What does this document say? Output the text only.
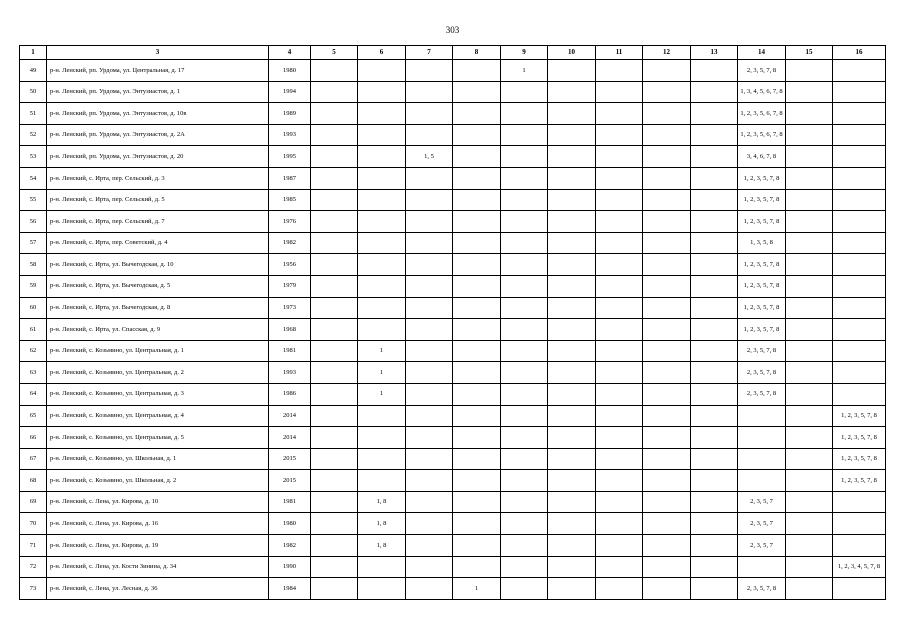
303
1	3	4	5	6	7	8	9	10	11	12	13	14	15	16
49	р-н. Ленский, рп. Урдома, ул. Центральная, д. 17	1980					1					2, 3, 5, 7, 8		
50	р-н. Ленский, рп. Урдома, ул. Энтузиастов, д. 1	1994										1, 3, 4, 5, 6, 7, 8		
51	р-н. Ленский, рп. Урдома, ул. Энтузиастов, д. 10в	1989										1, 2, 3, 5, 6, 7, 8		
52	р-н. Ленский, рп. Урдома, ул. Энтузиастов, д. 2А	1993										1, 2, 3, 5, 6, 7, 8		
53	р-н. Ленский, рп. Урдома, ул. Энтузиастов, д. 20	1995			1, 5							3, 4, 6, 7, 8		
54	р-н. Ленский, с. Ирта, пер. Сельский, д. 3	1987										1, 2, 3, 5, 7, 8		
55	р-н. Ленский, с. Ирта, пер. Сельский, д. 5	1985										1, 2, 3, 5, 7, 8		
56	р-н. Ленский, с. Ирта, пер. Сельский, д. 7	1976										1, 2, 3, 5, 7, 8		
57	р-н. Ленский, с. Ирта, пер. Советский, д. 4	1982										1, 3, 5, 8		
58	р-н. Ленский, с. Ирта, ул. Вычегодская, д. 10	1956										1, 2, 3, 5, 7, 8		
59	р-н. Ленский, с. Ирта, ул. Вычегодская, д. 5	1979										1, 2, 3, 5, 7, 8		
60	р-н. Ленский, с. Ирта, ул. Вычегодская, д. 8	1973										1, 2, 3, 5, 7, 8		
61	р-н. Ленский, с. Ирта, ул. Спасская, д. 9	1968										1, 2, 3, 5, 7, 8		
62	р-н. Ленский, с. Козьмино, ул. Центральная, д. 1	1981		1								2, 3, 5, 7, 8		
63	р-н. Ленский, с. Козьмино, ул. Центральная, д. 2	1993		1								2, 3, 5, 7, 8		
64	р-н. Ленский, с. Козьмино, ул. Центральная, д. 3	1986		1								2, 3, 5, 7, 8		
65	р-н. Ленский, с. Козьмино, ул. Центральная, д. 4	2014												1, 2, 3, 5, 7, 8
66	р-н. Ленский, с. Козьмино, ул. Центральная, д. 5	2014												1, 2, 3, 5, 7, 8
67	р-н. Ленский, с. Козьмино, ул. Школьная, д. 1	2015												1, 2, 3, 5, 7, 8
68	р-н. Ленский, с. Козьмино, ул. Школьная, д. 2	2015												1, 2, 3, 5, 7, 8
69	р-н. Ленский, с. Лена, ул. Кирова, д. 10	1981		1, 8								2, 3, 5, 7		
70	р-н. Ленский, с. Лена, ул. Кирова, д. 16	1980		1, 8								2, 3, 5, 7		
71	р-н. Ленский, с. Лена, ул. Кирова, д. 19	1982		1, 8								2, 3, 5, 7		
72	р-н. Ленский, с. Лена, ул. Кости Зинина, д. 34	1990												1, 2, 3, 4, 5, 7, 8
73	р-н. Ленский, с. Лена, ул. Лесная, д. 36	1984				1						2, 3, 5, 7, 8		
